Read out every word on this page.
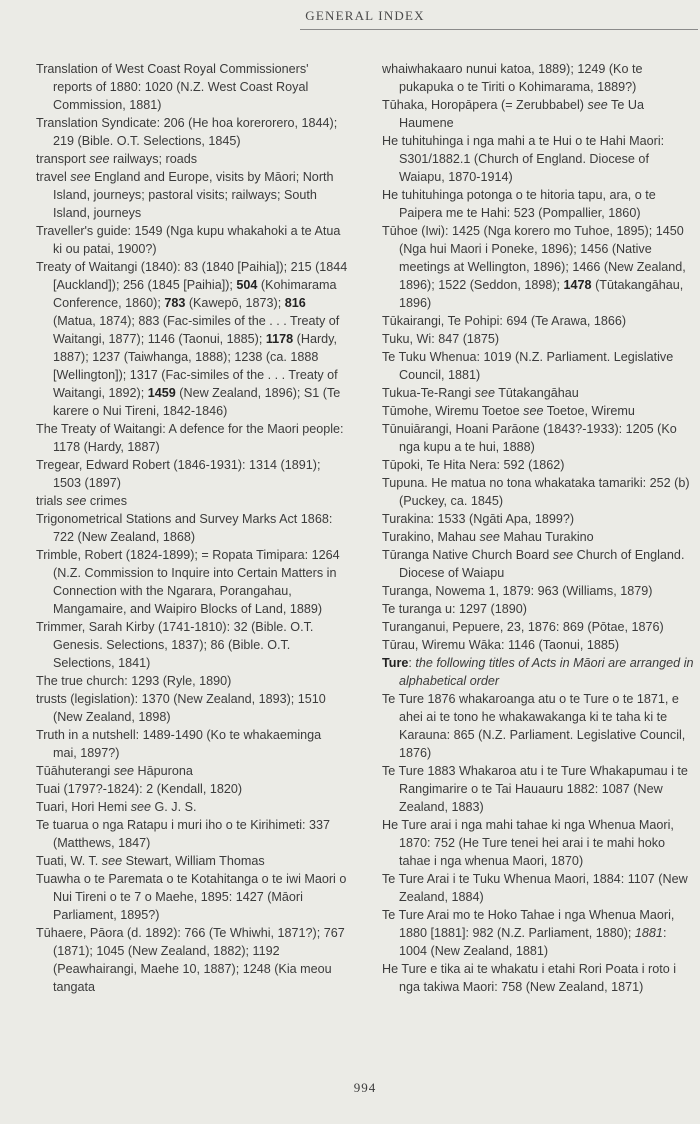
GENERAL INDEX

Translation of West Coast Royal Commissioners' reports of 1880: 1020 (N.Z. West Coast Royal Commission, 1881)

Translation Syndicate: 206 (He hoa korerorero, 1844); 219 (Bible. O.T. Selections, 1845)

transport see railways; roads

travel see England and Europe, visits by Māori; North Island, journeys; pastoral visits; railways; South Island, journeys

Traveller's guide: 1549 (Nga kupu whakahoki a te Atua ki ou patai, 1900?)

Treaty of Waitangi (1840): 83 (1840 [Paihia]); 215 (1844 [Auckland]); 256 (1845 [Paihia]); 504 (Kohimarama Conference, 1860); 783 (Kawepō, 1873); 816 (Matua, 1874); 883 (Fac-similes of the . . . Treaty of Waitangi, 1877); 1146 (Taonui, 1885); 1178 (Hardy, 1887); 1237 (Taiwhanga, 1888); 1238 (ca. 1888 [Wellington]); 1317 (Fac-similes of the . . . Treaty of Waitangi, 1892); 1459 (New Zealand, 1896); S1 (Te karere o Nui Tireni, 1842-1846)

The Treaty of Waitangi: A defence for the Maori people: 1178 (Hardy, 1887)

Tregear, Edward Robert (1846-1931): 1314 (1891); 1503 (1897)

trials see crimes

Trigonometrical Stations and Survey Marks Act 1868: 722 (New Zealand, 1868)

Trimble, Robert (1824-1899); = Ropata Timipara: 1264 (N.Z. Commission to Inquire into Certain Matters in Connection with the Ngarara, Porangahau, Mangamaire, and Waipiro Blocks of Land, 1889)

Trimmer, Sarah Kirby (1741-1810): 32 (Bible. O.T. Genesis. Selections, 1837); 86 (Bible. O.T. Selections, 1841)

The true church: 1293 (Ryle, 1890)

trusts (legislation): 1370 (New Zealand, 1893); 1510 (New Zealand, 1898)

Truth in a nutshell: 1489-1490 (Ko te whakaeminga mai, 1897?)

Tūāhuterangi see Hāpurona

Tuai (1797?-1824): 2 (Kendall, 1820)

Tuari, Hori Hemi see G. J. S.

Te tuarua o nga Ratapu i muri iho o te Kirihimeti: 337 (Matthews, 1847)

Tuati, W. T. see Stewart, William Thomas

Tuawha o te Paremata o te Kotahitanga o te iwi Maori o Nui Tireni o te 7 o Maehe, 1895: 1427 (Māori Parliament, 1895?)

Tūhaere, Pāora (d. 1892): 766 (Te Whiwhi, 1871?); 767 (1871); 1045 (New Zealand, 1882); 1192 (Peawhairangi, Maehe 10, 1887); 1248 (Kia meou tangata

whaiwhakaaro nunui katoa, 1889); 1249 (Ko te pukapuka o te Tiriti o Kohimarama, 1889?)

Tūhaka, Horopāpera (= Zerubbabel) see Te Ua Haumene

He tuhituhinga i nga mahi a te Hui o te Hahi Maori: S301/1882.1 (Church of England. Diocese of Waiapu, 1870-1914)

He tuhituhinga potonga o te hitoria tapu, ara, o te Paipera me te Hahi: 523 (Pompallier, 1860)

Tūhoe (Iwi): 1425 (Nga korero mo Tuhoe, 1895); 1450 (Nga hui Maori i Poneke, 1896); 1456 (Native meetings at Wellington, 1896); 1466 (New Zealand, 1896); 1522 (Seddon, 1898); 1478 (Tūtakangāhau, 1896)

Tūkairangi, Te Pohipi: 694 (Te Arawa, 1866)

Tuku, Wi: 847 (1875)

Te Tuku Whenua: 1019 (N.Z. Parliament. Legislative Council, 1881)

Tukua-Te-Rangi see Tūtakangāhau

Tūmohe, Wiremu Toetoe see Toetoe, Wiremu

Tūnuiārangi, Hoani Parāone (1843?-1933): 1205 (Ko nga kupu a te hui, 1888)

Tūpoki, Te Hita Nera: 592 (1862)

Tupuna. He matua no tona whakataka tamariki: 252 (b) (Puckey, ca. 1845)

Turakina: 1533 (Ngāti Apa, 1899?)

Turakino, Mahau see Mahau Turakino

Tūranga Native Church Board see Church of England. Diocese of Waiapu

Turanga, Nowema 1, 1879: 963 (Williams, 1879)

Te turanga u: 1297 (1890)

Turanganui, Pepuere, 23, 1876: 869 (Pōtae, 1876)

Tūrau, Wiremu Wāka: 1146 (Taonui, 1885)

Ture: the following titles of Acts in Māori are arranged in alphabetical order

Te Ture 1876 whakaroanga atu o te Ture o te 1871, e ahei ai te tono he whakawakanga ki te taha ki te Karauna: 865 (N.Z. Parliament. Legislative Council, 1876)

Te Ture 1883 Whakaroa atu i te Ture Whakapumau i te Rangimarire o te Tai Hauauru 1882: 1087 (New Zealand, 1883)

He Ture arai i nga mahi tahae ki nga Whenua Maori, 1870: 752 (He Ture tenei hei arai i te mahi hoko tahae i nga whenua Maori, 1870)

Te Ture Arai i te Tuku Whenua Maori, 1884: 1107 (New Zealand, 1884)

Te Ture Arai mo te Hoko Tahae i nga Whenua Maori, 1880 [1881]: 982 (N.Z. Parliament, 1880); 1881: 1004 (New Zealand, 1881)

He Ture e tika ai te whakatu i etahi Rori Poata i roto i nga takiwa Maori: 758 (New Zealand, 1871)

994
